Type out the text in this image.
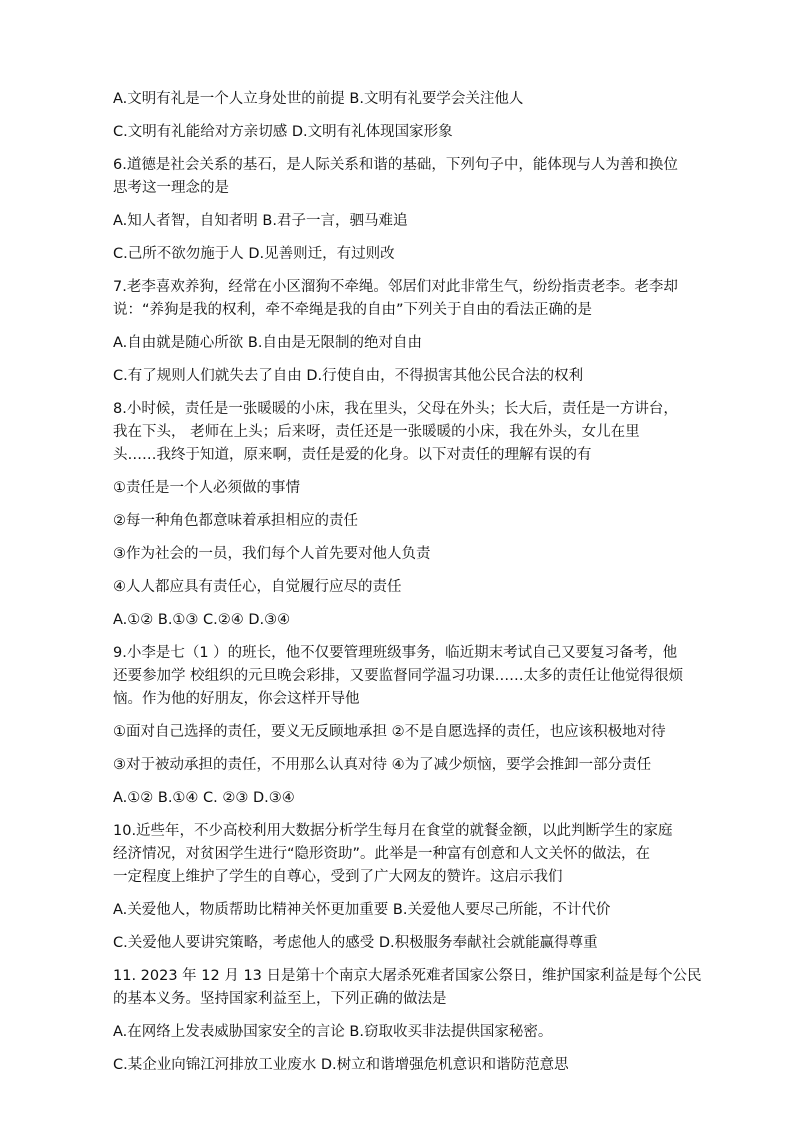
A.文明有礼是一个人立身处世的前提 B.文明有礼要学会关注他人
C.文明有礼能给对方亲切感 D.文明有礼体现国家形象
6.道德是社会关系的基石，是人际关系和谐的基础，下列句子中，能体现与人为善和换位
思考这一理念的是
A.知人者智，自知者明 B.君子一言，驷马难追
C.己所不欲勿施于人 D.见善则迁，有过则改
7.老李喜欢养狗，经常在小区溜狗不牵绳。邻居们对此非常生气，纷纷指责老李。老李却
说：“养狗是我的权利，牵不牵绳是我的自由”下列关于自由的看法正确的是
A.自由就是随心所欲 B.自由是无限制的绝对自由
C.有了规则人们就失去了自由 D.行使自由，不得损害其他公民合法的权利
8.小时候，责任是一张暖暖的小床，我在里头，父母在外头；长大后，责任是一方讲台，
我在下头， 老师在上头；后来呀，责任还是一张暖暖的小床，我在外头，女儿在里
头……我终于知道，原来啊，责任是爱的化身。以下对责任的理解有误的有
①责任是一个人必须做的事情
②每一种角色都意味着承担相应的责任
③作为社会的一员，我们每个人首先要对他人负责
④人人都应具有责任心，自觉履行应尽的责任
A.①② B.①③ C.②④ D.③④
9.小李是七（1 ）的班长，他不仅要管理班级事务，临近期末考试自己又要复习备考，他
还要参加学 校组织的元旦晚会彩排，又要监督同学温习功课……太多的责任让他觉得很烦
恼。作为他的好朋友，你会这样开导他
①面对自己选择的责任，要义无反顾地承担 ②不是自愿选择的责任，也应该积极地对待
③对于被动承担的责任，不用那么认真对待 ④为了减少烦恼，要学会推卸一部分责任
A.①② B.①④ C. ②③ D.③④
10.近些年，不少高校利用大数据分析学生每月在食堂的就餐金额，以此判断学生的家庭
经济情况，对贫困学生进行“隐形资助”。此举是一种富有创意和人文关怀的做法，在
一定程度上维护了学生的自尊心，受到了广大网友的赞许。这启示我们
A.关爱他人，物质帮助比精神关怀更加重要 B.关爱他人要尽己所能，不计代价
C.关爱他人要讲究策略，考虑他人的感受 D.积极服务奉献社会就能赢得尊重
11. 2023 年 12 月 13 日是第十个南京大屠杀死难者国家公祭日，维护国家利益是每个公民
的基本义务。坚持国家利益至上，下列正确的做法是
A.在网络上发表威胁国家安全的言论 B.窃取收买非法提供国家秘密。
C.某企业向锦江河排放工业废水 D.树立和谐增强危机意识和谐防范意思
